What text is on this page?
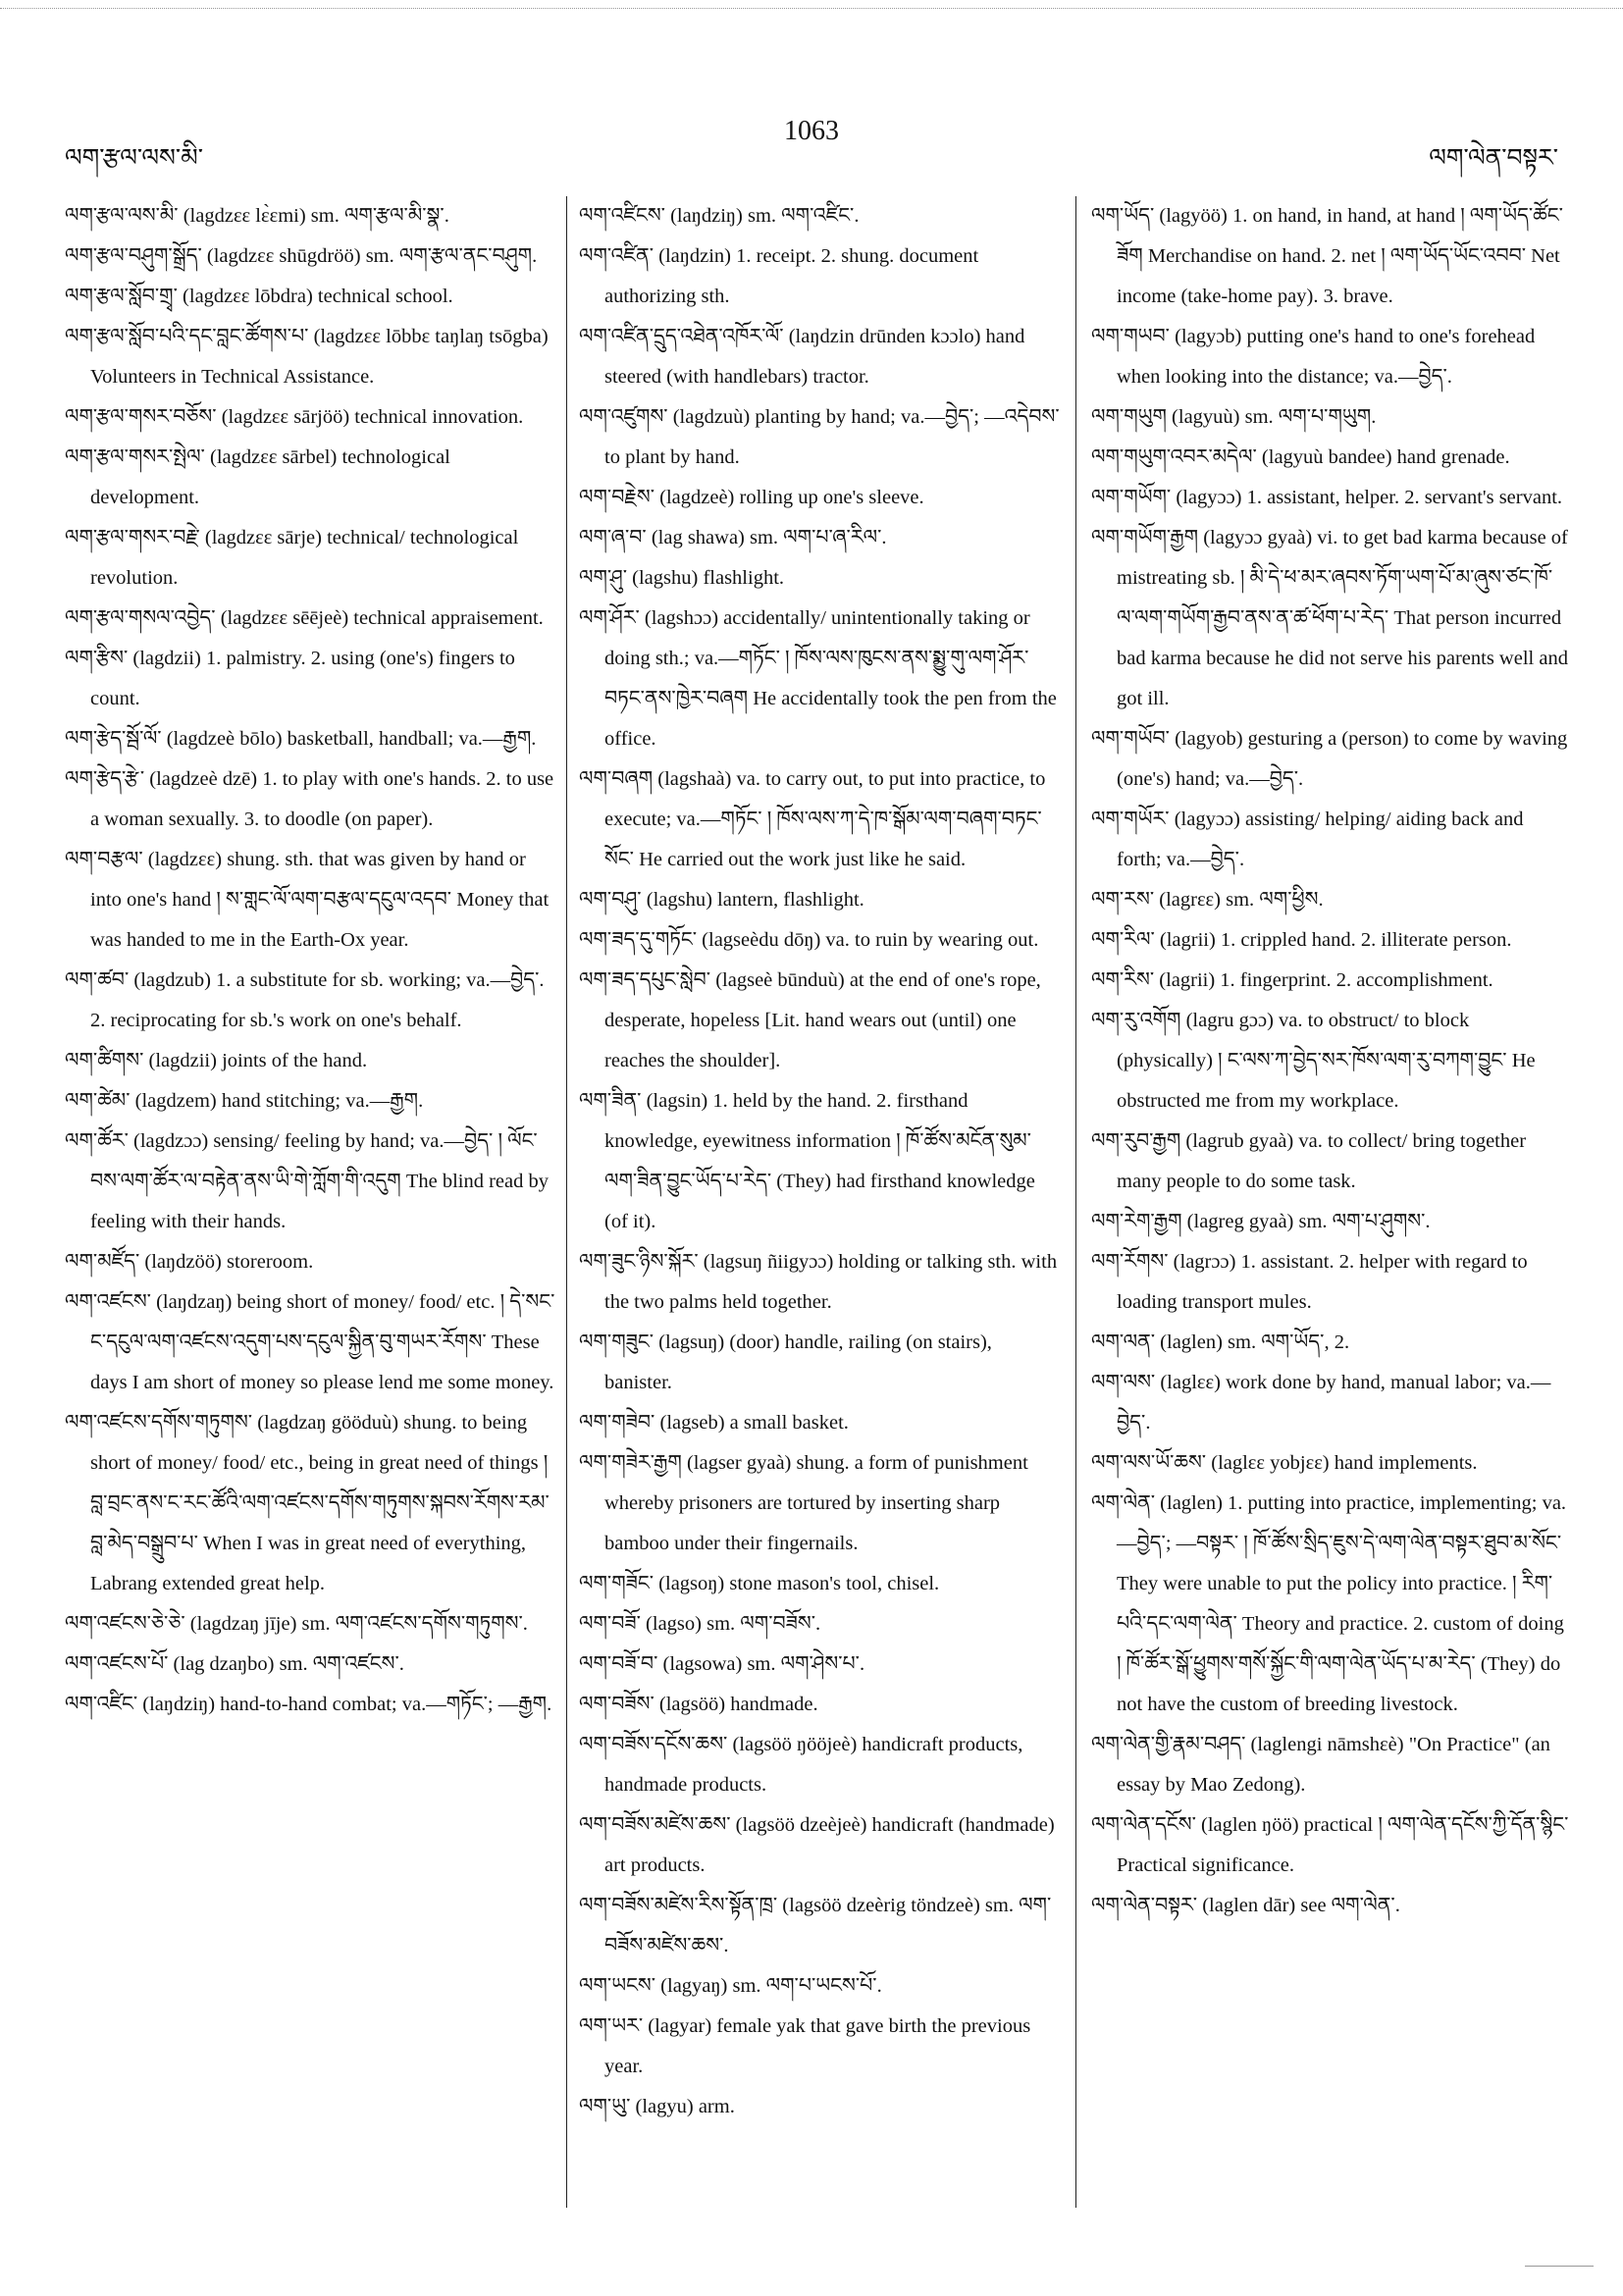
ལག་རྩལ་ལས་མི་
1063
ལག་ལེན་བསྟར་

ལག་རྩལ་ལས་མི་ (lagdzɛɛ lɛ̀ɛmi) sm. ལག་རྩལ་མི་སྣ་.

ལག་རྩལ་བཤུག་སྒྲོད་ (lagdzɛɛ shūgdröö) sm. ལག་རྩལ་ནང་བཤུག.

ལག་རྩལ་སློབ་གྲྭ་ (lagdzɛɛ lōbdra) technical school.

ལག་རྩལ་སློབ་པའི་དང་བླང་ཚོགས་པ་ (lagdzɛɛ lōbbɛ taŋlaŋ tsōgba) Volunteers in Technical Assistance.

ལག་རྩལ་གསར་བཅོས་ (lagdzɛɛ sārjöö) technical innovation.

ལག་རྩལ་གསར་སྤེལ་ (lagdzɛɛ sārbel) technological development.

ལག་རྩལ་གསར་བརྗེ་ (lagdzɛɛ sārje) technical/ technological revolution.

ལག་རྩལ་གསལ་འབྱེད་ (lagdzɛɛ sēējeè) technical appraisement.

ལག་རྩིས་ (lagdzii) 1. palmistry. 2. using (one's) fingers to count.

ལག་རྩེད་སྦོ་ལོ་ (lagdzeè bōlo) basketball, handball; va.—རྒྱག.

ལག་རྩེད་རྩེ་ (lagdzeè dzē) 1. to play with one's hands. 2. to use a woman sexually. 3. to doodle (on paper).

ལག་བརྩལ་ (lagdzɛɛ) shung. sth. that was given by hand or into one's hand ། ས་གླང་ལོ་ལག་བརྩལ་དངུལ་འདབ་ Money that was handed to me in the Earth-Ox year.

ལག་ཚབ་ (lagdzub) 1. a substitute for sb. working; va.—བྱེད་. 2. reciprocating for sb.'s work on one's behalf.

ལག་ཚིགས་ (lagdzii) joints of the hand.

ལག་ཚེམ་ (lagdzem) hand stitching; va.—རྒྱག.

ལག་ཚོར་ (lagdzɔɔ) sensing/ feeling by hand; va.—བྱེད་ ། ལོང་བས་ལག་ཚོར་ལ་བརྟེན་ནས་ཡི་གེ་ཀློག་གི་འདུག The blind read by feeling with their hands.

ལག་མཛོད་ (laŋdzöö) storeroom.

ལག་འཛངས་ (laŋdzaŋ) being short of money/ food/ etc. ། དེ་སང་ང་དངུལ་ལག་འཛངས་འདུག་པས་དངུལ་སྐྱིན་བུ་གཡར་རོགས་ These days I am short of money so please lend me some money.

ལག་འཛངས་དགོས་གཏུགས་ (lagdzaŋ gööduù) shung. to being short of money/ food/ etc., being in great need of things ། བླ་བྲང་ནས་ང་རང་ཚོའི་ལག་འཛངས་དགོས་གཏུགས་སྐབས་རོགས་རམ་བླ་མེད་བསྒྲུབ་པ་ When I was in great need of everything, Labrang extended great help.

ལག་འཛངས་ཅེ་ཅེ་ (lagdzaŋ jīje) sm. ལག་འཛངས་དགོས་གཏུགས་.

ལག་འཛངས་པོ་ (lag dzaŋbo) sm. ལག་འཛངས་.

ལག་འཛིང་ (laŋdziŋ) hand-to-hand combat; va.—གཏོང་; —རྒྱག.

ལག་འཛིངས་ (laŋdziŋ) sm. ལག་འཛིང་.

ལག་འཛིན་ (laŋdzin) 1. receipt. 2. shung. document authorizing sth.

ལག་འཛིན་དྲུད་འཐེན་འཁོར་ལོ་ (laŋdzin drūnden kɔɔlo) hand steered (with handlebars) tractor.

ལག་འཛུགས་ (lagdzuù) planting by hand; va.—བྱེད་; —འདེབས་ to plant by hand.

ལག་བརྗེས་ (lagdzeè) rolling up one's sleeve.

ལག་ཞ་བ་ (lag shawa) sm. ལག་པ་ཞ་རིལ་.

ལག་ཤུ་ (lagshu) flashlight.

ལག་ཤོར་ (lagshɔɔ) accidentally/ unintentionally taking or doing sth.; va.—གཏོང་ ། ཁོས་ལས་ཁུངས་ནས་སྨྱུ་གུ་ལག་ཤོར་བཏང་ནས་ཁྱེར་བཞག He accidentally took the pen from the office.

ལག་བཞག (lagshaà) va. to carry out, to put into practice, to execute; va.—གཏོང་ ། ཁོས་ལས་ཀ་དེ་ཁ་སྒོམ་ལག་བཞག་བཏང་སོང་ He carried out the work just like he said.

ལག་བཤུ་ (lagshu) lantern, flashlight.

ལག་ཟད་དུ་གཏོང་ (lagseèdu dōŋ) va. to ruin by wearing out.

ལག་ཟད་དཔུང་སླེབ་ (lagseè būnduù) at the end of one's rope, desperate, hopeless [Lit. hand wears out (until) one reaches the shoulder].

ལག་ཟིན་ (lagsin) 1. held by the hand. 2. firsthand knowledge, eyewitness information ། ཁོ་ཚོས་མངོན་སུམ་ལག་ཟིན་བྱུང་ཡོད་པ་རེད་ (They) had firsthand knowledge (of it).

ལག་ཟུང་ཉིས་སྐོར་ (lagsuŋ ñiigyɔɔ) holding or talking sth. with the two palms held together.

ལག་གཟུང་ (lagsuŋ) (door) handle, railing (on stairs), banister.

ལག་གཟེབ་ (lagseb) a small basket.

ལག་གཟེར་རྒྱག (lagser gyaà) shung. a form of punishment whereby prisoners are tortured by inserting sharp bamboo under their fingernails.

ལག་གཟོང་ (lagsoŋ) stone mason's tool, chisel.

ལག་བཟོ་ (lagso) sm. ལག་བཟོས་.

ལག་བཟོ་བ་ (lagsowa) sm. ལག་ཤེས་པ་.

ལག་བཟོས་ (lagsöö) handmade.

ལག་བཟོས་དངོས་ཆས་ (lagsöö ŋööjeè) handicraft products, handmade products.

ལག་བཟོས་མཛེས་ཆས་ (lagsöö dzeèjeè) handicraft (handmade) art products.

ལག་བཟོས་མཛེས་རིས་སྟོན་ཁྲ་ (lagsöö dzeèrig töndzeè) sm. ལག་བཟོས་མཛེས་ཆས་.

ལག་ཡངས་ (lagyaŋ) sm. ལག་པ་ཡངས་པོ་.

ལག་ཡར་ (lagyar) female yak that gave birth the previous year.

ལག་ཡུ་ (lagyu) arm.

ལག་ཡོད་ (lagyöö) 1. on hand, in hand, at hand ། ལག་ཡོད་ཚོང་ཟོག Merchandise on hand. 2. net ། ལག་ཡོད་ཡོང་འབབ་ Net income (take-home pay). 3. brave.

ལག་གཡབ་ (lagyɔb) putting one's hand to one's forehead when looking into the distance; va.—བྱེད་.

ལག་གཡུག (lagyuù) sm. ལག་པ་གཡུག.

ལག་གཡུག་འབར་མདེལ་ (lagyuù bandee) hand grenade.

ལག་གཡོག་ (lagyɔɔ) 1. assistant, helper. 2. servant's servant.

ལག་གཡོག་རྒྱག (lagyɔɔ gyaà) vi. to get bad karma because of mistreating sb. ། མི་དེ་ཕ་མར་ཞབས་ཏོག་ཡག་པོ་མ་ཞུས་ཙང་ཁོ་ལ་ལག་གཡོག་རྒྱབ་ནས་ན་ཚ་ཕོག་པ་རེད་ That person incurred bad karma because he did not serve his parents well and got ill.

ལག་གཡོབ་ (lagyob) gesturing a (person) to come by waving (one's) hand; va.—བྱེད་.

ལག་གཡོར་ (lagyɔɔ) assisting/ helping/ aiding back and forth; va.—བྱེད་.

ལག་རས་ (lagrɛɛ) sm. ལག་ཕྱིས.

ལག་རིལ་ (lagrii) 1. crippled hand. 2. illiterate person.

ལག་རིས་ (lagrii) 1. fingerprint. 2. accomplishment.

ལག་རུ་འགོག (lagru gɔɔ) va. to obstruct/ to block (physically) ། ང་ལས་ཀ་བྱེད་སར་ཁོས་ལག་རུ་བཀག་བྱུང་ He obstructed me from my workplace.

ལག་རུབ་རྒྱག (lagrub gyaà) va. to collect/ bring together many people to do some task.

ལག་རེག་རྒྱག (lagreg gyaà) sm. ལག་པ་ཤུགས་.

ལག་རོགས་ (lagrɔɔ) 1. assistant. 2. helper with regard to loading transport mules.

ལག་ལན་ (laglen) sm. ལག་ཡོད་, 2.

ལག་ལས་ (laglɛɛ) work done by hand, manual labor; va.—བྱེད་.

ལག་ལས་ཡོ་ཆས་ (laglɛɛ yobjɛɛ) hand implements.

ལག་ལེན་ (laglen) 1. putting into practice, implementing; va.—བྱེད་; —བསྟར་ ། ཁོ་ཚོས་སྲིད་ཇུས་དེ་ལག་ལེན་བསྟར་ཐུབ་མ་སོང་ They were unable to put the policy into practice. ། རིག་པའི་དང་ལག་ལེན་ Theory and practice. 2. custom of doing ། ཁོ་ཚོར་སྒོ་ཕྱུགས་གསོ་སྐྱོང་གི་ལག་ལེན་ཡོད་པ་མ་རེད་ (They) do not have the custom of breeding livestock.

ལག་ལེན་གྱི་རྣམ་བཤད་ (laglengi nāmshɛè) "On Practice" (an essay by Mao Zedong).

ལག་ལེན་དངོས་ (laglen ŋöö) practical ། ལག་ལེན་དངོས་ཀྱི་དོན་སྙིང་ Practical significance.

ལག་ལེན་བསྟར་ (laglen dār) see ལག་ལེན་.
